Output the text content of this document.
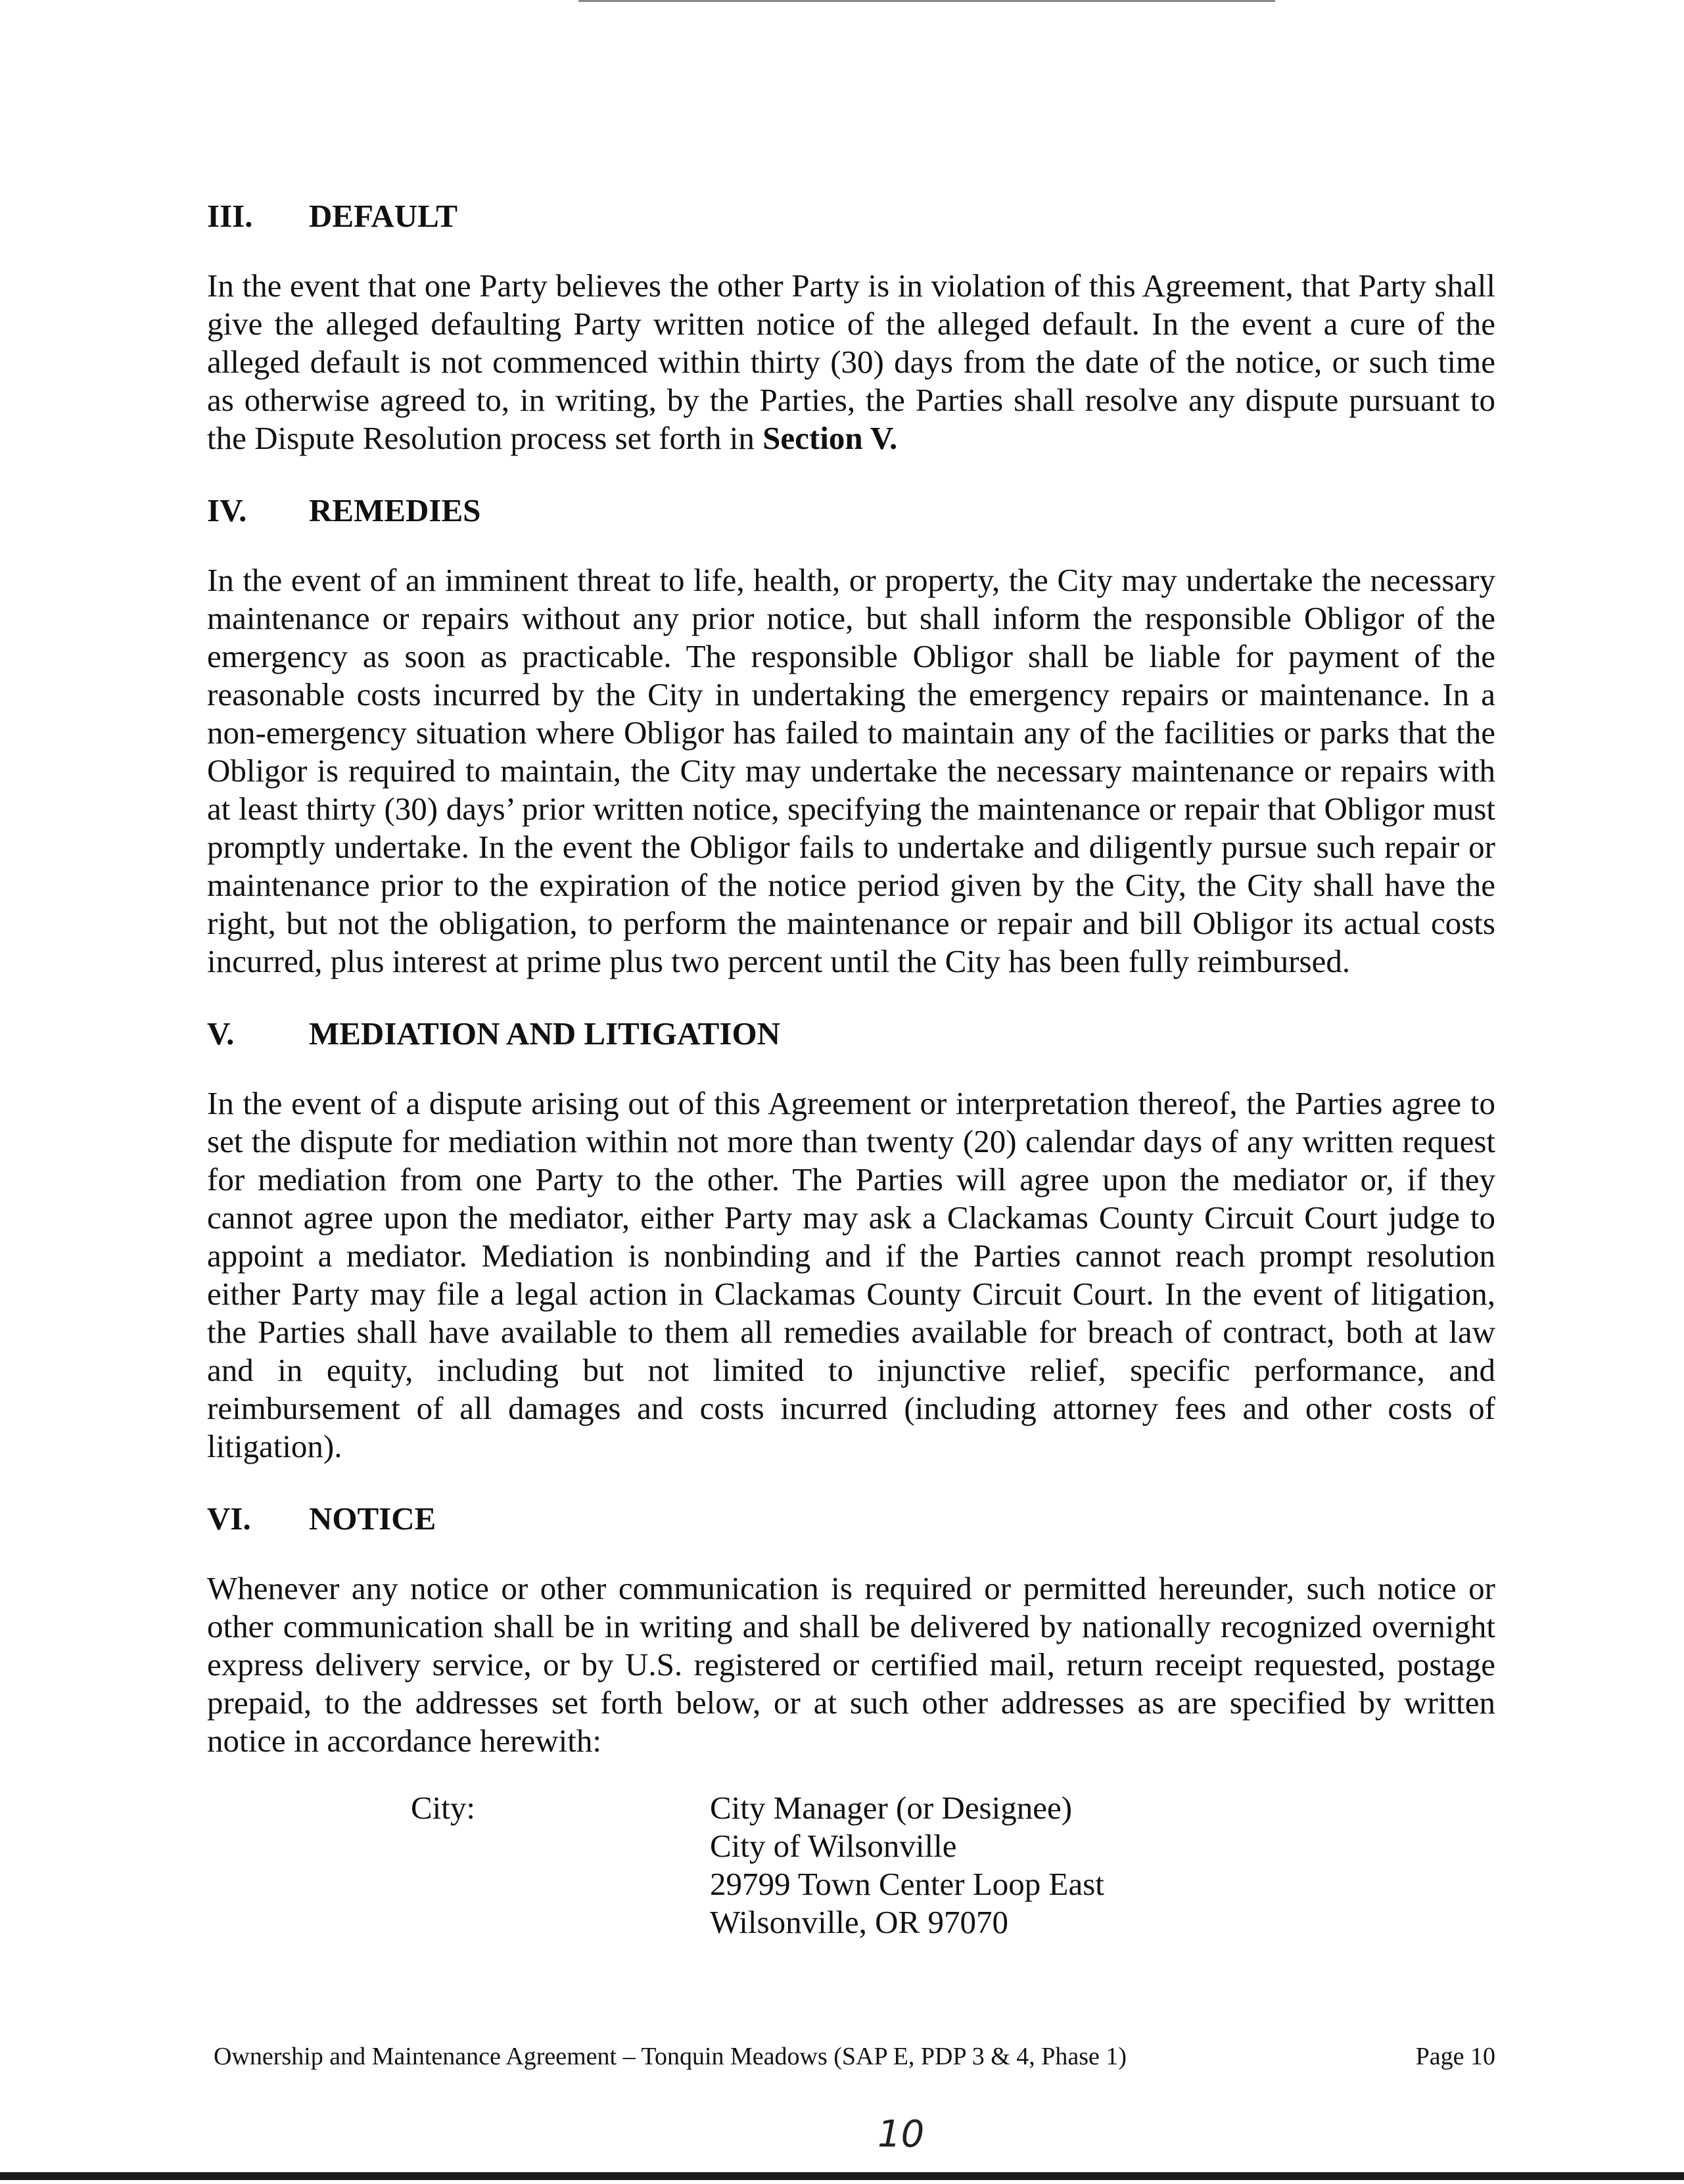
III.	DEFAULT

In the event that one Party believes the other Party is in violation of this Agreement, that Party shall give the alleged defaulting Party written notice of the alleged default. In the event a cure of the alleged default is not commenced within thirty (30) days from the date of the notice, or such time as otherwise agreed to, in writing, by the Parties, the Parties shall resolve any dispute pursuant to the Dispute Resolution process set forth in Section V.

IV.	REMEDIES

In the event of an imminent threat to life, health, or property, the City may undertake the necessary maintenance or repairs without any prior notice, but shall inform the responsible Obligor of the emergency as soon as practicable. The responsible Obligor shall be liable for payment of the reasonable costs incurred by the City in undertaking the emergency repairs or maintenance. In a non-emergency situation where Obligor has failed to maintain any of the facilities or parks that the Obligor is required to maintain, the City may undertake the necessary maintenance or repairs with at least thirty (30) days’ prior written notice, specifying the maintenance or repair that Obligor must promptly undertake. In the event the Obligor fails to undertake and diligently pursue such repair or maintenance prior to the expiration of the notice period given by the City, the City shall have the right, but not the obligation, to perform the maintenance or repair and bill Obligor its actual costs incurred, plus interest at prime plus two percent until the City has been fully reimbursed.

V.	MEDIATION AND LITIGATION

In the event of a dispute arising out of this Agreement or interpretation thereof, the Parties agree to set the dispute for mediation within not more than twenty (20) calendar days of any written request for mediation from one Party to the other. The Parties will agree upon the mediator or, if they cannot agree upon the mediator, either Party may ask a Clackamas County Circuit Court judge to appoint a mediator. Mediation is nonbinding and if the Parties cannot reach prompt resolution either Party may file a legal action in Clackamas County Circuit Court. In the event of litigation, the Parties shall have available to them all remedies available for breach of contract, both at law and in equity, including but not limited to injunctive relief, specific performance, and reimbursement of all damages and costs incurred (including attorney fees and other costs of litigation).

VI.	NOTICE

Whenever any notice or other communication is required or permitted hereunder, such notice or other communication shall be in writing and shall be delivered by nationally recognized overnight express delivery service, or by U.S. registered or certified mail, return receipt requested, postage prepaid, to the addresses set forth below, or at such other addresses as are specified by written notice in accordance herewith:

City:	City Manager (or Designee)
City of Wilsonville
29799 Town Center Loop East
Wilsonville, OR 97070
Ownership and Maintenance Agreement – Tonquin Meadows (SAP E, PDP 3 & 4, Phase 1)	Page 10
10
